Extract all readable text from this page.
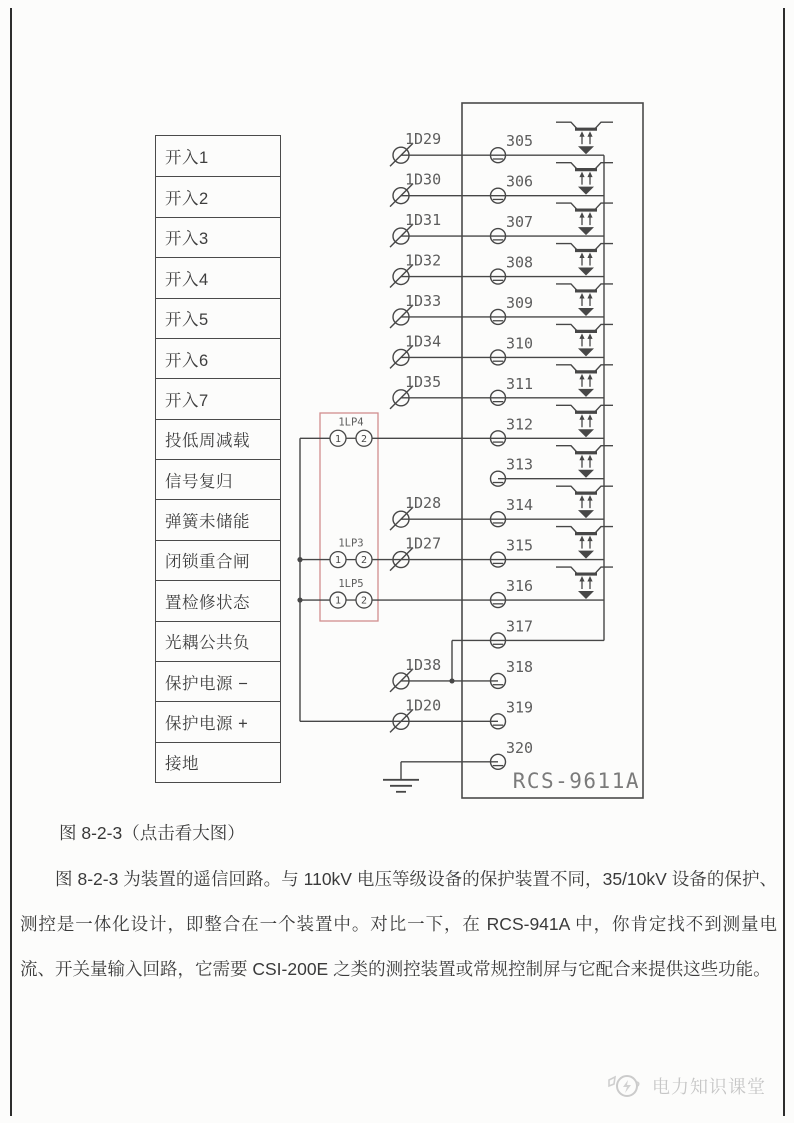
1D29	305
1D30	306
1D31	307
1D32	308
1D33	309
1D34	310
1D35	311
1 2
1LP4	312
313
1D28	314
1D27
1 2
1LP3	315
1 2
1LP5	316
317
1D38	318
1D20	319
320
RCS-9611A
开入1
开入2
开入3
开入4
开入5
开入6
开入7
投低周减载
信号复归
弹簧未储能
闭锁重合闸
置检修状态
光耦公共负
保护电源 −
保护电源 +
接地
图 8-2-3（点击看大图）
图 8-2-3 为装置的遥信回路。与 110kV 电压等级设备的保护装置不同，35/10kV 设备的保护、测控是一体化设计，即整合在一个装置中。对比一下，在 RCS-941A 中，你肯定找不到测量电流、开关量输入回路，它需要 CSI-200E 之类的测控装置或常规控制屏与它配合来提供这些功能。
电力知识课堂
